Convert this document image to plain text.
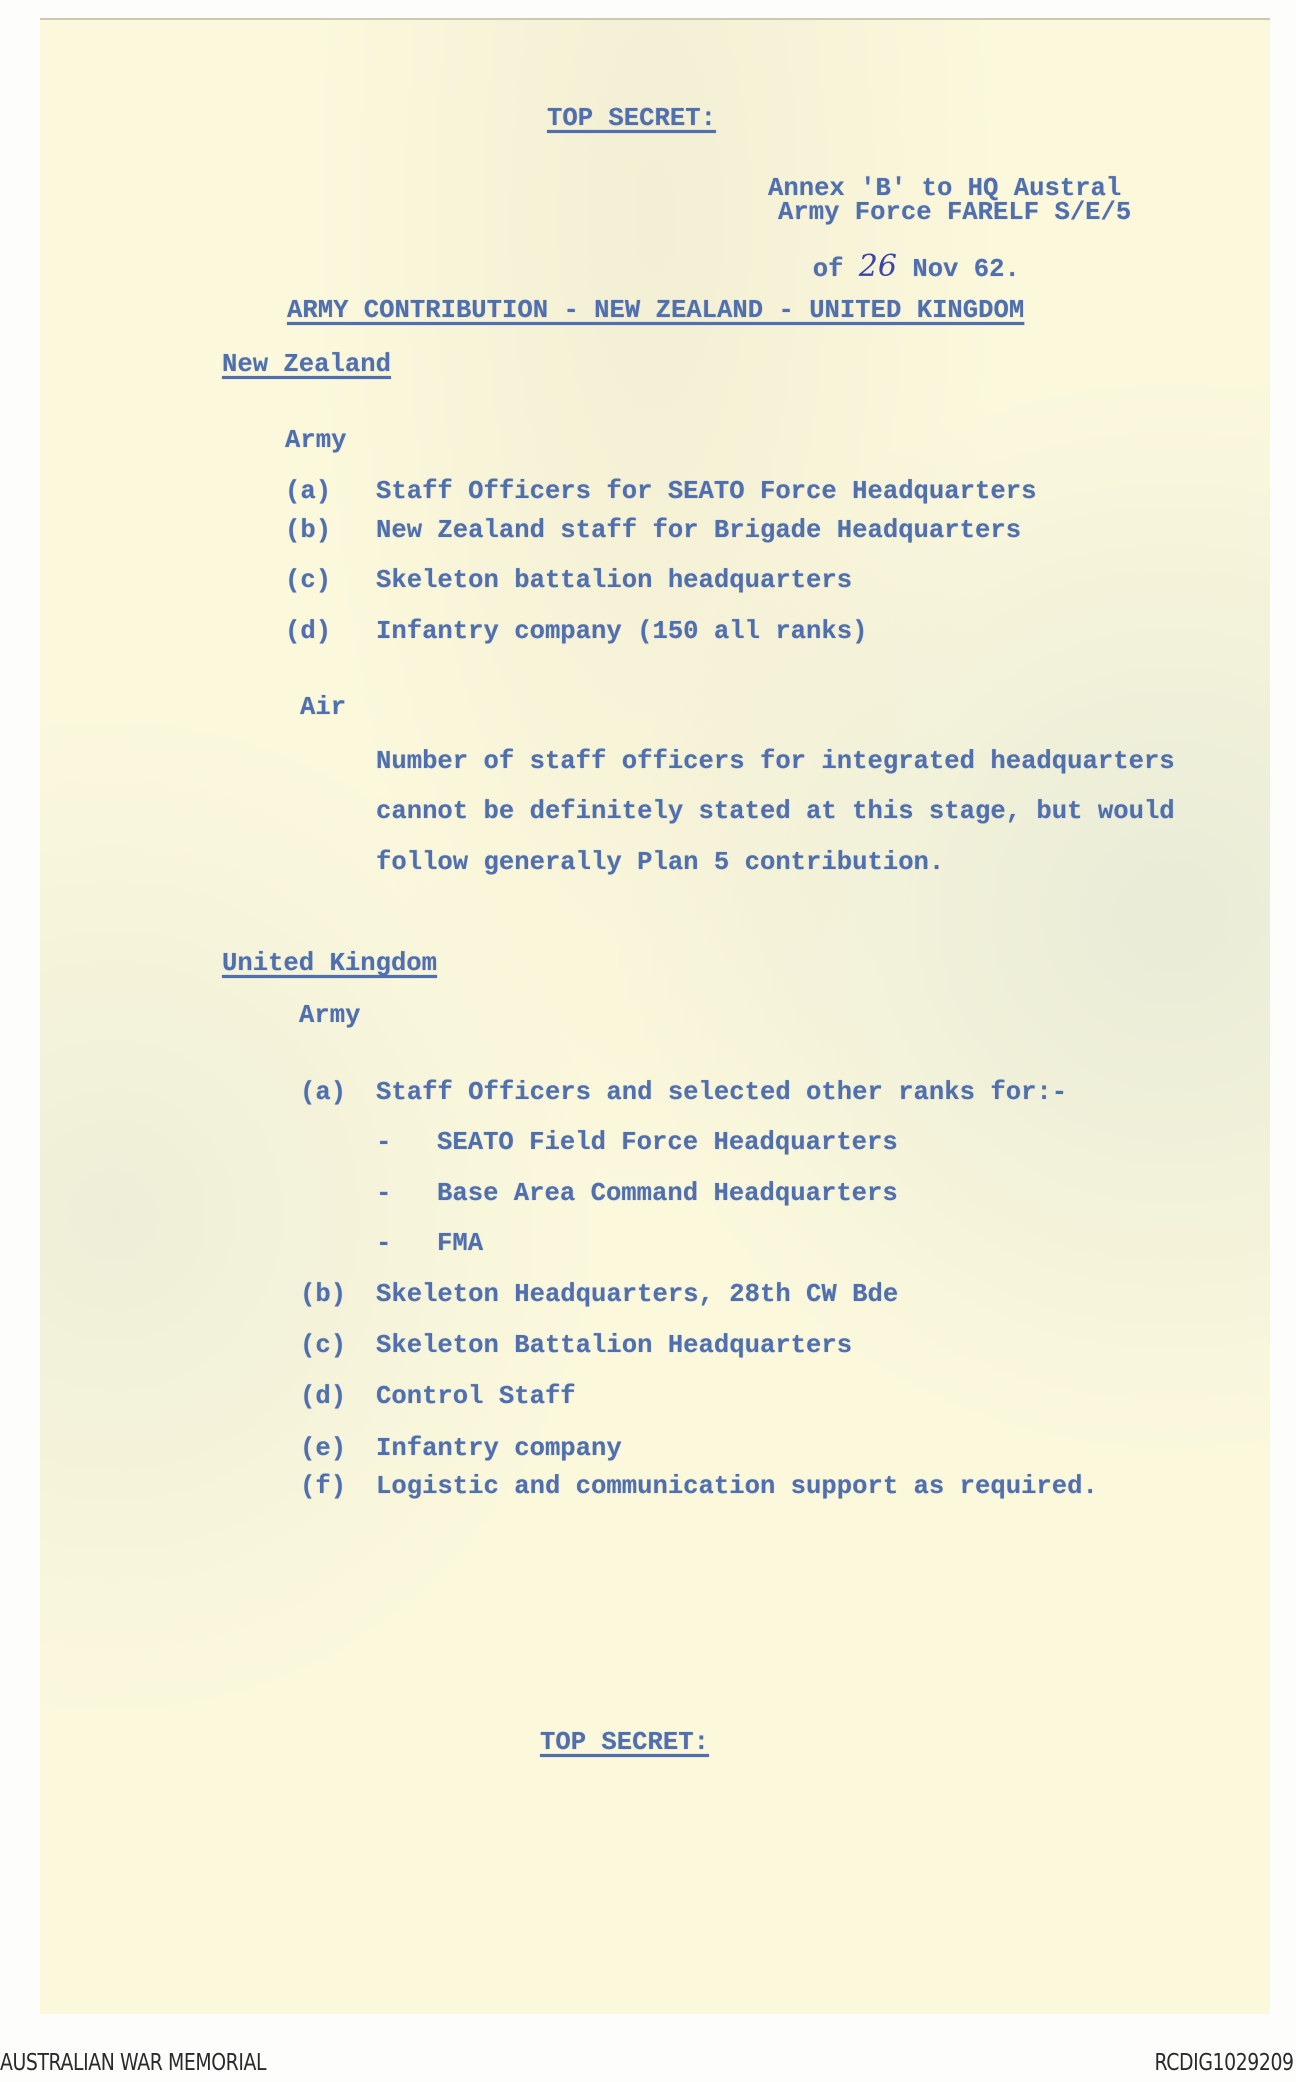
TOP SECRET:
Annex 'B' to HQ Austral
Army Force FARELF S/E/5

of 26 Nov 62.

ARMY CONTRIBUTION - NEW ZEALAND - UNITED KINGDOM
New Zealand
Army
(a) Staff Officers for SEATO Force Headquarters
(b) New Zealand staff for Brigade Headquarters
(c) Skeleton battalion headquarters
(d) Infantry company (150 all ranks)
Air
Number of staff officers for integrated headquarters
cannot be definitely stated at this stage, but would
follow generally Plan 5 contribution.
United Kingdom
Army
(a) Staff Officers and selected other ranks for:-
- SEATO Field Force Headquarters
- Base Area Command Headquarters
- FMA
(b) Skeleton Headquarters, 28th CW Bde
(c) Skeleton Battalion Headquarters
(d) Control Staff
(e) Infantry company
(f) Logistic and communication support as required.
TOP SECRET:
AUSTRALIAN WAR MEMORIAL	RCDIG1029209
